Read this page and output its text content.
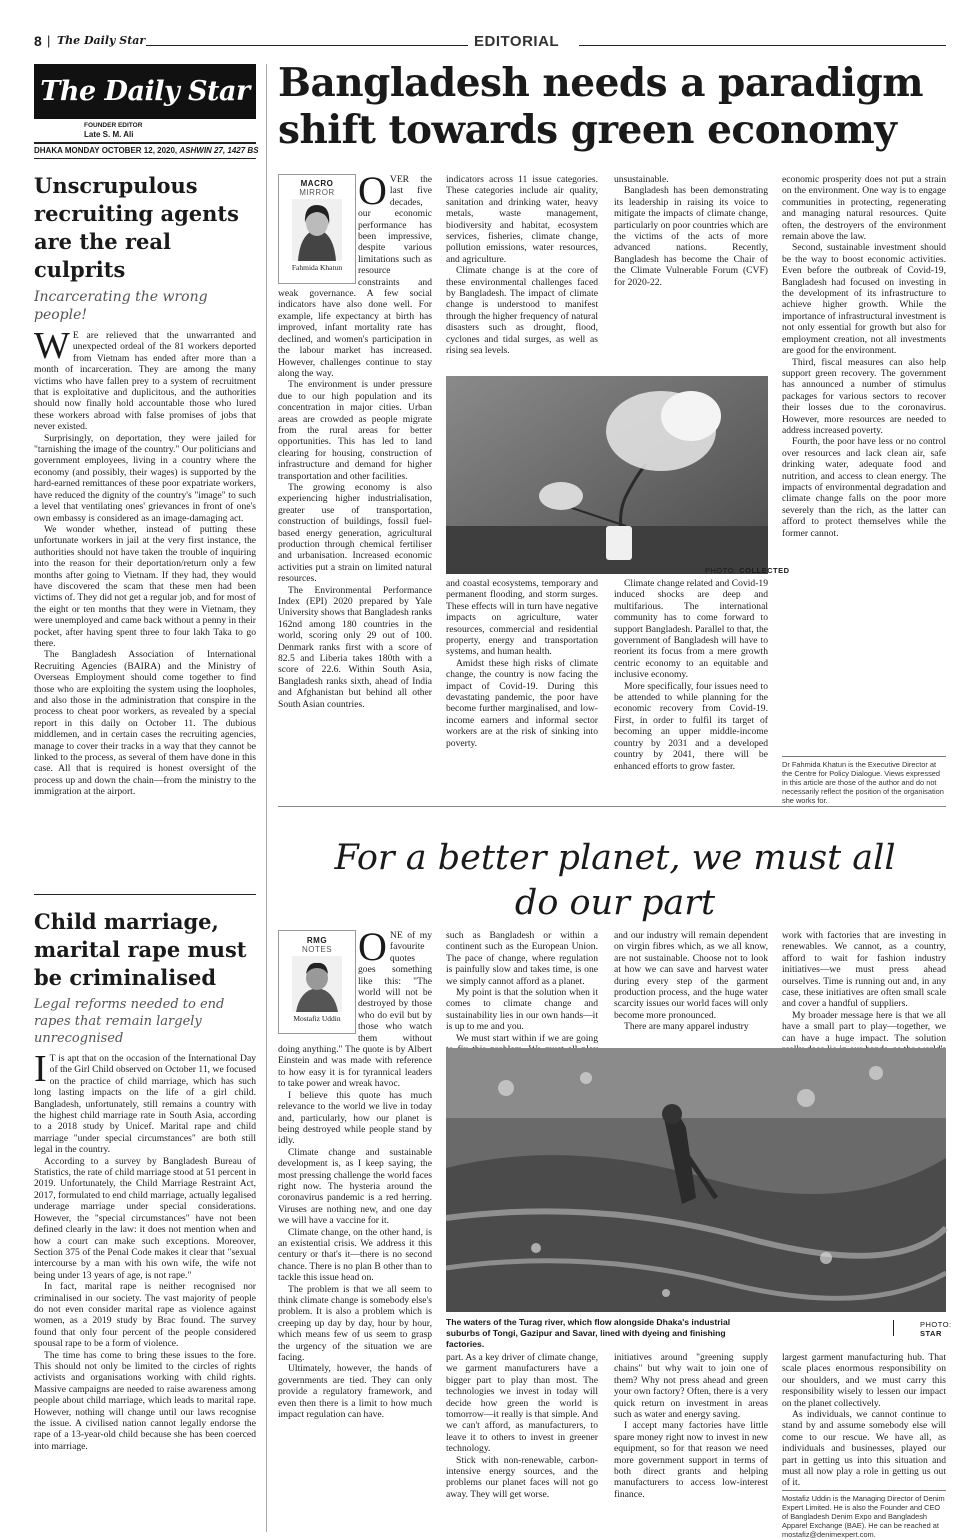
8 | The Daily Star	EDITORIAL
The Daily Star
FOUNDER EDITOR
Late S. M. Ali
DHAKA MONDAY OCTOBER 12, 2020, ASHWIN 27, 1427 BS
Unscrupulous recruiting agents are the real culprits
Incarcerating the wrong people!

W E are relieved that the unwarranted and unexpected ordeal of the 81 workers deported from Vietnam has ended after more than a month of incarceration. They are among the many victims who have fallen prey to a system of recruitment that is exploitative and duplicitous, and the authorities should now finally hold accountable those who lured these workers abroad with false promises of jobs that never existed.

Surprisingly, on deportation, they were jailed for "tarnishing the image of the country." Our politicians and government employees, living in a country where the economy (and possibly, their wages) is supported by the hard-earned remittances of these poor expatriate workers, have reduced the dignity of the country's "image" to such a level that ventilating ones' grievances in front of one's own embassy is considered as an image-damaging act.

We wonder whether, instead of putting these unfortunate workers in jail at the very first instance, the authorities should not have taken the trouble of inquiring into the reason for their deportation/return only a few months after going to Vietnam. If they had, they would have discovered the scam that these men had been victims of. They did not get a regular job, and for most of the eight or ten months that they were in Vietnam, they were unemployed and came back without a penny in their pocket, after having spent three to four lakh Taka to go there.

The Bangladesh Association of International Recruiting Agencies (BAIRA) and the Ministry of Overseas Employment should come together to find those who are exploiting the system using the loopholes, and also those in the administration that conspire in the process to cheat poor workers, as revealed by a special report in this daily on October 11. The dubious middlemen, and in certain cases the recruiting agencies, manage to cover their tracks in a way that they cannot be linked to the process, as several of them have done in this case. All that is required is honest oversight of the process up and down the chain—from the ministry to the immigration at the airport.

Child marriage, marital rape must be criminalised
Legal reforms needed to end rapes that remain largely unrecognised

I T is apt that on the occasion of the International Day of the Girl Child observed on October 11, we focused on the practice of child marriage, which has such long lasting impacts on the life of a girl child. Bangladesh, unfortunately, still remains a country with the highest child marriage rate in South Asia, according to a 2018 study by Unicef. Marital rape and child marriage "under special circumstances" are both still legal in the country.

According to a survey by Bangladesh Bureau of Statistics, the rate of child marriage stood at 51 percent in 2019. Unfortunately, the Child Marriage Restraint Act, 2017, formulated to end child marriage, actually legalised underage marriage under special considerations. However, the "special circumstances" have not been defined clearly in the law: it does not mention when and how a court can make such exceptions. Moreover, Section 375 of the Penal Code makes it clear that "sexual intercourse by a man with his own wife, the wife not being under 13 years of age, is not rape."

In fact, marital rape is neither recognised nor criminalised in our society. The vast majority of people do not even consider marital rape as violence against women, as a 2019 study by Brac found. The survey found that only four percent of the people considered spousal rape to be a form of violence.

The time has come to bring these issues to the fore. This should not only be limited to the circles of rights activists and organisations working with child rights. Massive campaigns are needed to raise awareness among people about child marriage, which leads to marital rape. However, nothing will change until our laws recognise the issue. A civilised nation cannot legally endorse the rape of a 13-year-old child because she has been coerced into marriage.

Bangladesh needs a paradigm shift towards green economy
MACRO
MIRROR
Fahmida Khatun

OVER the last five decades, our economic performance has been impressive, despite various limitations such as resource constraints and weak governance. A few social indicators have also done well. For example, life expectancy at birth has improved, infant mortality rate has declined, and women's participation in the labour market has increased. However, challenges continue to stay along the way.

The environment is under pressure due to our high population and its concentration in major cities. Urban areas are crowded as people migrate from the rural areas for better opportunities. This has led to land clearing for housing, construction of infrastructure and demand for higher transportation and other facilities.

The growing economy is also experiencing higher industrialisation, greater use of transportation, construction of buildings, fossil fuel-based energy generation, agricultural production through chemical fertiliser and urbanisation. Increased economic activities put a strain on limited natural resources.

The Environmental Performance Index (EPI) 2020 prepared by Yale University shows that Bangladesh ranks 162nd among 180 countries in the world, scoring only 29 out of 100. Denmark ranks first with a score of 82.5 and Liberia takes 180th with a score of 22.6. Within South Asia, Bangladesh ranks sixth, ahead of India and Afghanistan but behind all other South Asian countries.

indicators across 11 issue categories. These categories include air quality, sanitation and drinking water, heavy metals, waste management, biodiversity and habitat, ecosystem services, fisheries, climate change, pollution emissions, water resources, and agriculture.

Climate change is at the core of these environmental challenges faced by Bangladesh. The impact of climate change is understood to manifest through the higher frequency of natural disasters such as drought, flood, cyclones and tidal surges, as well as rising sea levels.

unsustainable.

Bangladesh has been demonstrating its leadership in raising its voice to mitigate the impacts of climate change, particularly on poor countries which are the victims of the acts of more advanced nations. Recently, Bangladesh has become the Chair of the Climate Vulnerable Forum (CVF) for 2020-22.

PHOTO: COLLECTED

and coastal ecosystems, temporary and permanent flooding, and storm surges. These effects will in turn have negative impacts on agriculture, water resources, commercial and residential property, energy and transportation systems, and human health.

Amidst these high risks of climate change, the country is now facing the impact of Covid-19. During this devastating pandemic, the poor have become further marginalised, and low-income earners and informal sector workers are at the risk of sinking into poverty.

Climate change related and Covid-19 induced shocks are deep and multifarious. The international community has to come forward to support Bangladesh. Parallel to that, the government of Bangladesh will have to reorient its focus from a mere growth centric economy to an equitable and inclusive economy.

More specifically, four issues need to be attended to while planning for the economic recovery from Covid-19. First, in order to fulfil its target of becoming an upper middle-income country by 2031 and a developed country by 2041, there will be enhanced efforts to grow faster.

economic prosperity does not put a strain on the environment. One way is to engage communities in protecting, regenerating and managing natural resources. Quite often, the destroyers of the environment remain above the law.

Second, sustainable investment should be the way to boost economic activities. Even before the outbreak of Covid-19, Bangladesh had focused on investing in the development of its infrastructure to achieve higher growth. While the importance of infrastructural investment is not only essential for growth but also for employment creation, not all investments are good for the environment.

Third, fiscal measures can also help support green recovery. The government has announced a number of stimulus packages for various sectors to recover their losses due to the coronavirus. However, more resources are needed to address increased poverty.

Fourth, the poor have less or no control over resources and lack clean air, safe drinking water, adequate food and nutrition, and access to clean energy. The impacts of environmental degradation and climate change falls on the poor more severely than the rich, as the latter can afford to protect themselves while the former cannot.

Dr Fahmida Khatun is the Executive Director at the Centre for Policy Dialogue. Views expressed in this article are those of the author and do not necessarily reflect the position of the organisation she works for.
For a better planet, we must all do our part
RMG
NOTES
Mostafiz Uddin

ONE of my favourite quotes goes something like this: "The world will not be destroyed by those who do evil but by those who watch them without doing anything." The quote is by Albert Einstein and was made with reference to how easy it is for tyrannical leaders to take power and wreak havoc.

I believe this quote has much relevance to the world we live in today and, particularly, how our planet is being destroyed while people stand by idly.

Climate change and sustainable development is, as I keep saying, the most pressing challenge the world faces right now. The hysteria around the coronavirus pandemic is a red herring. Viruses are nothing new, and one day we will have a vaccine for it.

Climate change, on the other hand, is an existential crisis. We address it this century or that's it—there is no second chance. There is no plan B other than to tackle this issue head on.

The problem is that we all seem to think climate change is somebody else's problem. It is also a problem which is creeping up day by day, hour by hour, which means few of us seem to grasp the urgency of the situation we are facing.

Ultimately, however, the hands of governments are tied. They can only provide a regulatory framework, and even then there is a limit to how much impact regulation can have.

such as Bangladesh or within a continent such as the European Union. The pace of change, where regulation is painfully slow and takes time, is one we simply cannot afford as a planet.

My point is that the solution when it comes to climate change and sustainability lies in our own hands—it is up to me and you.

We must start within if we are going

and our industry will remain dependent on virgin fibres which, as we all know, are not sustainable. Choose not to look at how we can save and harvest water during every step of the garment production process, and the huge water scarcity issues our world faces will only become more pronounced.

There are many apparel industry

work with factories that are investing in renewables. We cannot, as a country, afford to wait for fashion industry initiatives—we must press ahead ourselves. Time is running out and, in any case, these initiatives are often small scale and cover a handful of suppliers.

My broader message here is that we all have a small part to play—together, we can have a huge impact. The solution

The waters of the Turag river, which flow alongside Dhaka's industrial suburbs of Tongi, Gazipur and Savar, lined with dyeing and finishing factories.
PHOTO:
STAR

part. As a key driver of climate change, we garment manufacturers have a bigger part to play than most. The technologies we invest in today will decide how green the world is tomorrow—it really is that simple. And we can't afford, as manufacturers, to leave it to others to invest in greener technology.

Stick with non-renewable, carbon-intensive energy sources, and the problems our planet faces will not go away. They will get worse.

initiatives around "greening supply chains" but why wait to join one of them? Why not press ahead and green your own factory? Often, there is a very quick return on investment in areas such as water and energy saving.

I accept many factories have little spare money right now to invest in new equipment, so for that reason we need more government support in terms of both direct grants and helping manufacturers to access low-interest finance.

largest garment manufacturing hub. That scale places enormous responsibility on our shoulders, and we must carry this responsibility wisely to lessen our impact on the planet collectively.

As individuals, we cannot continue to stand by and assume somebody else will come to our rescue. We have all, as individuals and businesses, played our part in getting us into this situation and must all now play a role in getting us out of it.

Mostafiz Uddin is the Managing Director of Denim Expert Limited. He is also the Founder and CEO of Bangladesh Denim Expo and Bangladesh Apparel Exchange (BAE). He can be reached at mostafiz@denimexpert.com.
